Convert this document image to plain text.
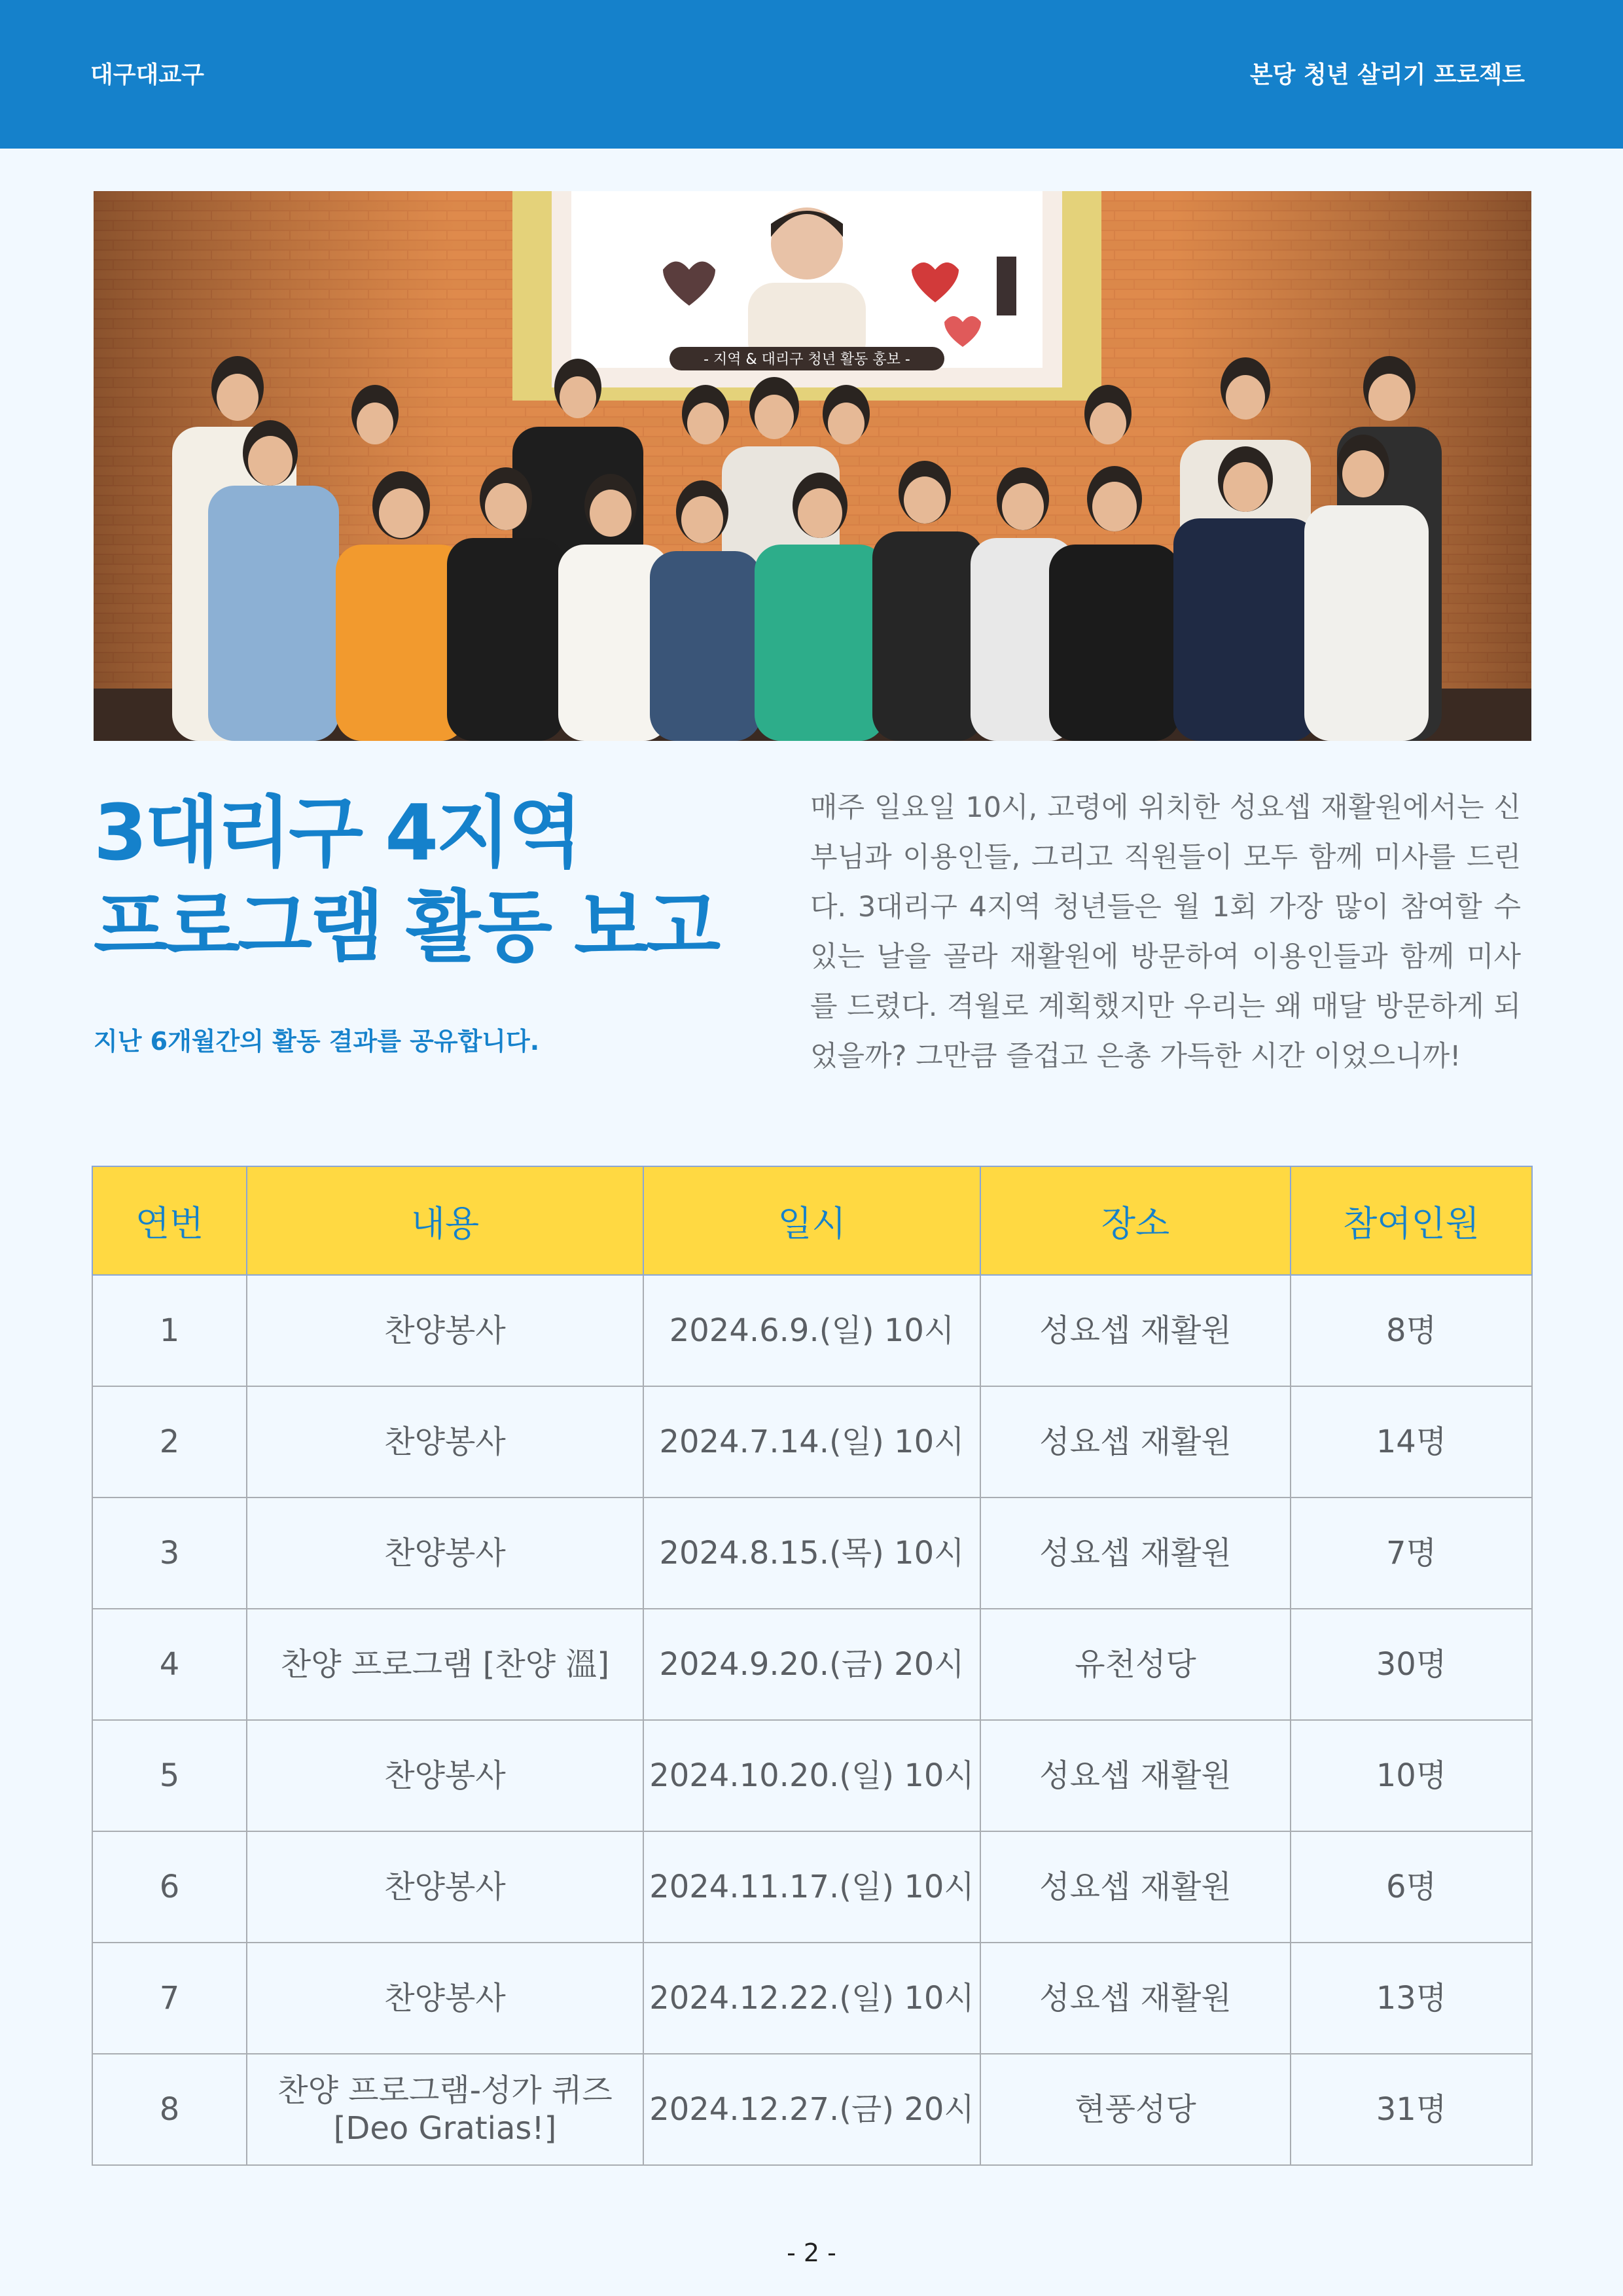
대구대교구	본당 청년 살리기 프로젝트
- 지역 & 대리구 청년 활동 홍보 -
3대리구 4지역
프로그램 활동 보고
지난 6개월간의 활동 결과를 공유합니다.
매주 일요일 10시, 고령에 위치한 성요셉 재활원에서는 신부님과 이용인들, 그리고 직원들이 모두 함께 미사를 드린다. 3대리구 4지역 청년들은 월 1회 가장 많이 참여할 수 있는 날을 골라 재활원에 방문하여 이용인들과 함께 미사를 드렸다. 격월로 계획했지만 우리는 왜 매달 방문하게 되었을까? 그만큼 즐겁고 은총 가득한 시간 이었으니까!
연번	내용	일시	장소	참여인원
1	찬양봉사	2024.6.9.(일) 10시	성요셉 재활원	8명
2	찬양봉사	2024.7.14.(일) 10시	성요셉 재활원	14명
3	찬양봉사	2024.8.15.(목) 10시	성요셉 재활원	7명
4	찬양 프로그램 [찬양 溫]	2024.9.20.(금) 20시	유천성당	30명
5	찬양봉사	2024.10.20.(일) 10시	성요셉 재활원	10명
6	찬양봉사	2024.11.17.(일) 10시	성요셉 재활원	6명
7	찬양봉사	2024.12.22.(일) 10시	성요셉 재활원	13명
8	찬양 프로그램-성가 퀴즈 [Deo Gratias!]	2024.12.27.(금) 20시	현풍성당	31명
- 2 -
